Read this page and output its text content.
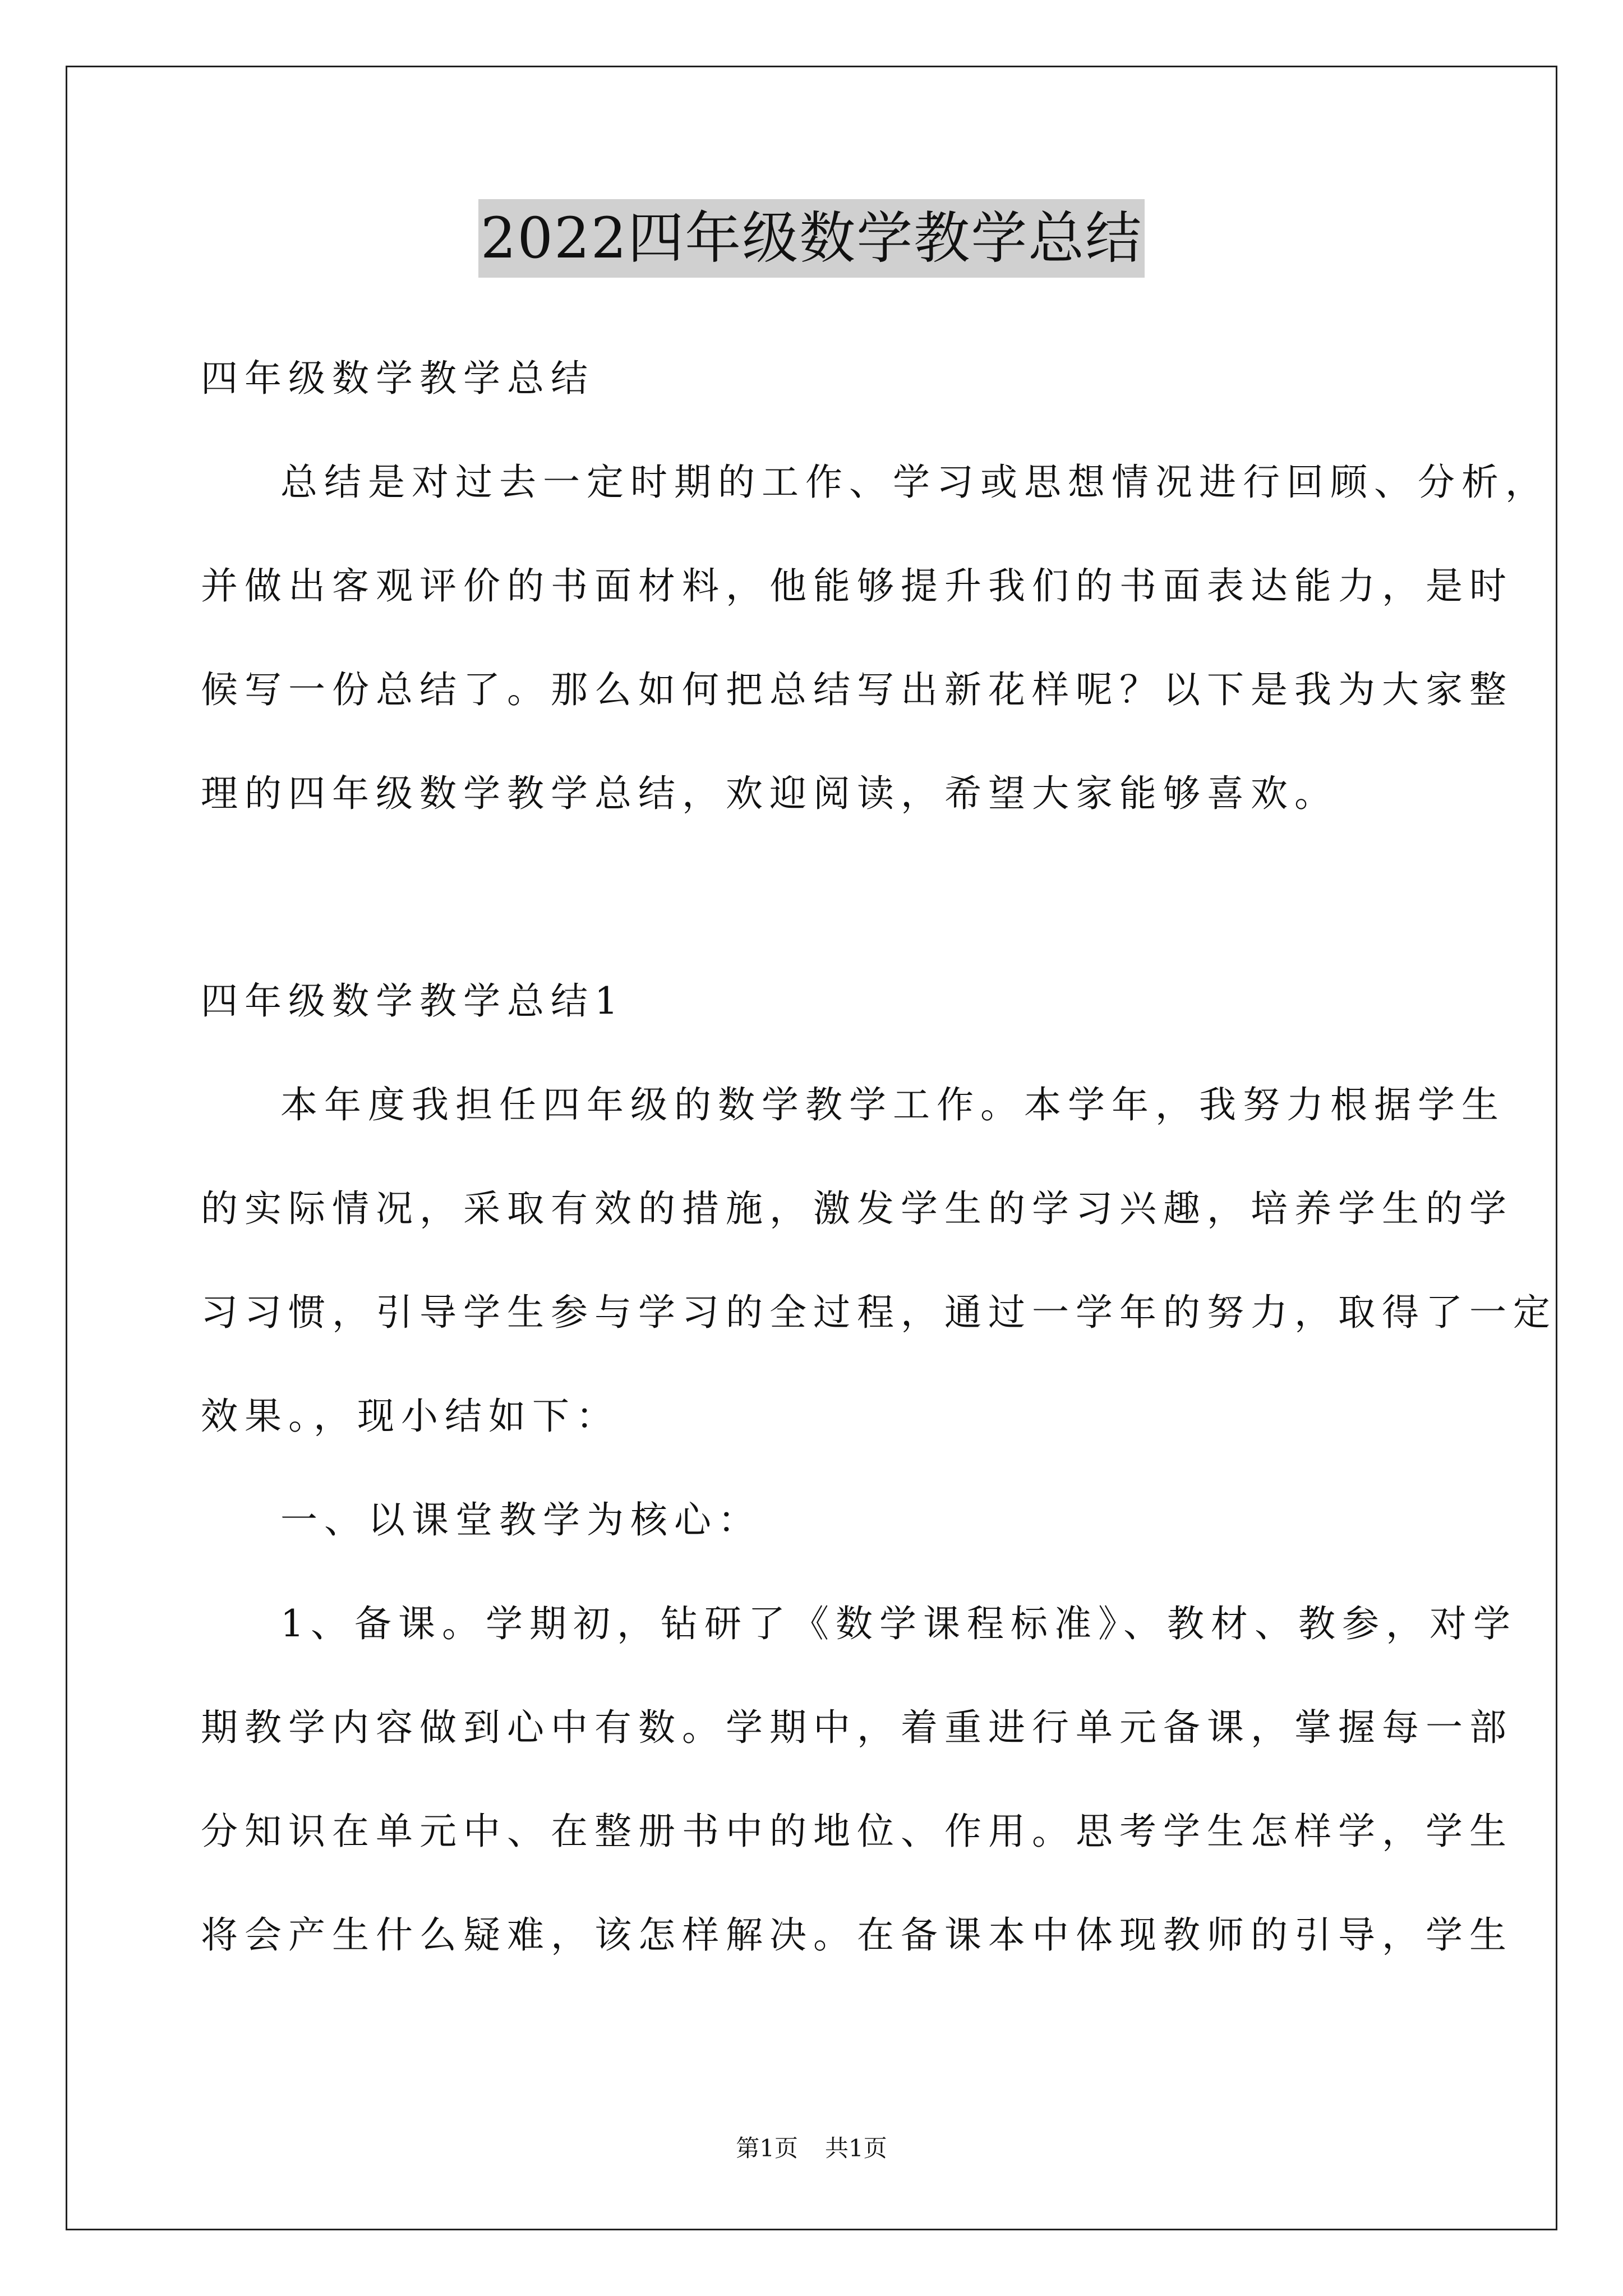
2022四年级数学教学总结
四年级数学教学总结
总结是对过去一定时期的工作、学习或思想情况进行回顾、分析，
并做出客观评价的书面材料，他能够提升我们的书面表达能力，是时
候写一份总结了。那么如何把总结写出新花样呢？以下是我为大家整
理的四年级数学教学总结，欢迎阅读，希望大家能够喜欢。
四年级数学教学总结1
本年度我担任四年级的数学教学工作。本学年，我努力根据学生
的实际情况，采取有效的措施，激发学生的学习兴趣，培养学生的学
习习惯，引导学生参与学习的全过程，通过一学年的努力，取得了一定
效果。，现小结如下：
一、以课堂教学为核心：
1、备课。学期初，钻研了《数学课程标准》、教材、教参，对学
期教学内容做到心中有数。学期中，着重进行单元备课，掌握每一部
分知识在单元中、在整册书中的地位、作用。思考学生怎样学，学生
将会产生什么疑难，该怎样解决。在备课本中体现教师的引导，学生
第1页 共1页
